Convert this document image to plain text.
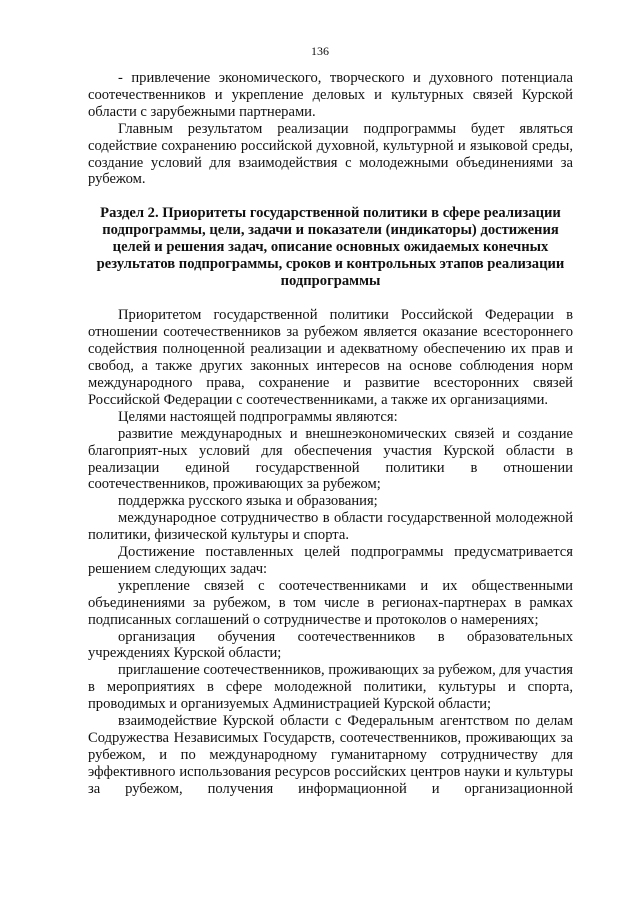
136

- привлечение экономического, творческого и духовного потенциала соотечественников и укрепление деловых и культурных связей Курской области с зарубежными партнерами.

Главным результатом реализации подпрограммы будет являться содействие сохранению российской духовной, культурной и языковой среды, создание условий для взаимодействия с молодежными объединениями за рубежом.

Раздел 2. Приоритеты государственной политики в сфере реализации подпрограммы, цели, задачи и показатели (индикаторы) достижения целей и решения задач, описание основных ожидаемых конечных результатов подпрограммы, сроков и контрольных этапов реализации подпрограммы

Приоритетом государственной политики Российской Федерации в отношении соотечественников за рубежом является оказание всестороннего содействия полноценной реализации и адекватному обеспечению их прав и свобод, а также других законных интересов на основе соблюдения норм международного права, сохранение и развитие всесторонних связей Российской Федерации с соотечественниками, а также их организациями.

Целями настоящей подпрограммы являются:

развитие международных и внешнеэкономических связей и создание благоприят-ных условий для обеспечения участия Курской области в реализации единой государственной политики в отношении соотечественников, проживающих за рубежом;

поддержка русского языка и образования;

международное сотрудничество в области государственной молодежной политики, физической культуры и спорта.

Достижение поставленных целей подпрограммы предусматривается решением следующих задач:

укрепление связей с соотечественниками и их общественными объединениями за рубежом, в том числе в регионах-партнерах в рамках подписанных соглашений о сотрудничестве и протоколов о намерениях;

организация обучения соотечественников в образовательных учреждениях Курской области;

приглашение соотечественников, проживающих за рубежом, для участия в мероприятиях в сфере молодежной политики, культуры и спорта, проводимых и организуемых Администрацией Курской области;

взаимодействие Курской области с Федеральным агентством по делам Содружества Независимых Государств, соотечественников, проживающих за рубежом, и по международному гуманитарному сотрудничеству для эффективного использования ресурсов российских центров науки и культуры за рубежом, получения информационной и организационной
